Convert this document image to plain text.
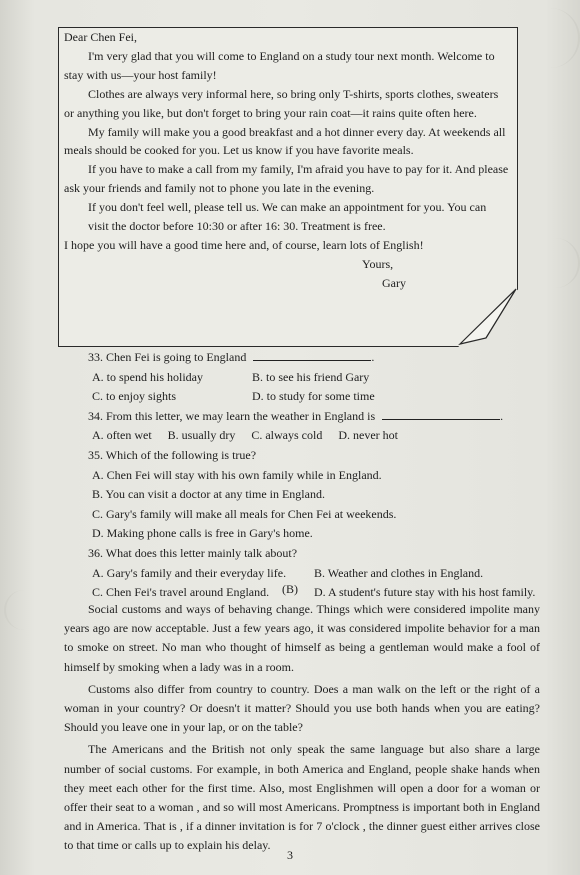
Dear Chen Fei,

I'm very glad that you will come to England on a study tour next month. Welcome to stay with us—your host family!

Clothes are always very informal here, so bring only T-shirts, sports clothes, sweaters or anything you like, but don't forget to bring your rain coat—it rains quite often here.

My family will make you a good breakfast and a hot dinner every day. At weekends all meals should be cooked for you. Let us know if you have favorite meals.

If you have to make a call from my family, I'm afraid you have to pay for it. And please ask your friends and family not to phone you late in the evening.

If you don't feel well, please tell us. We can make an appointment for you. You can

visit the doctor before 10:30 or after 16: 30. Treatment is free.

I hope you will have a good time here and, of course, learn lots of English!

Yours,

Gary

33. Chen Fei is going to England	.

A. to spend his holiday	B. to see his friend Gary
C. to enjoy sights	D. to study for some time

34. From this letter, we may learn the weather in England is	.

A. often wet B. usually dry C. always cold D. never hot

35. Which of the following is true?

A. Chen Fei will stay with his own family while in England.

B. You can visit a doctor at any time in England.

C. Gary's family will make all meals for Chen Fei at weekends.

D. Making phone calls is free in Gary's home.

36. What does this letter mainly talk about?

A. Gary's family and their everyday life.	B. Weather and clothes in England.
C. Chen Fei's travel around England.	D. A student's future stay with his host family.
(B)

Social customs and ways of behaving change. Things which were considered impolite many years ago are now acceptable. Just a few years ago, it was considered impolite behavior for a man to smoke on street. No man who thought of himself as being a gentleman would make a fool of himself by smoking when a lady was in a room.

Customs also differ from country to country. Does a man walk on the left or the right of a woman in your country? Or doesn't it matter? Should you use both hands when you are eating? Should you leave one in your lap, or on the table?

The Americans and the British not only speak the same language but also share a large number of social customs. For example, in both America and England, people shake hands when they meet each other for the first time. Also, most Englishmen will open a door for a woman or offer their seat to a woman , and so will most Americans. Promptness is important both in England and in America. That is , if a dinner invitation is for 7 o'clock , the dinner guest either arrives close to that time or calls up to explain his delay.

3
